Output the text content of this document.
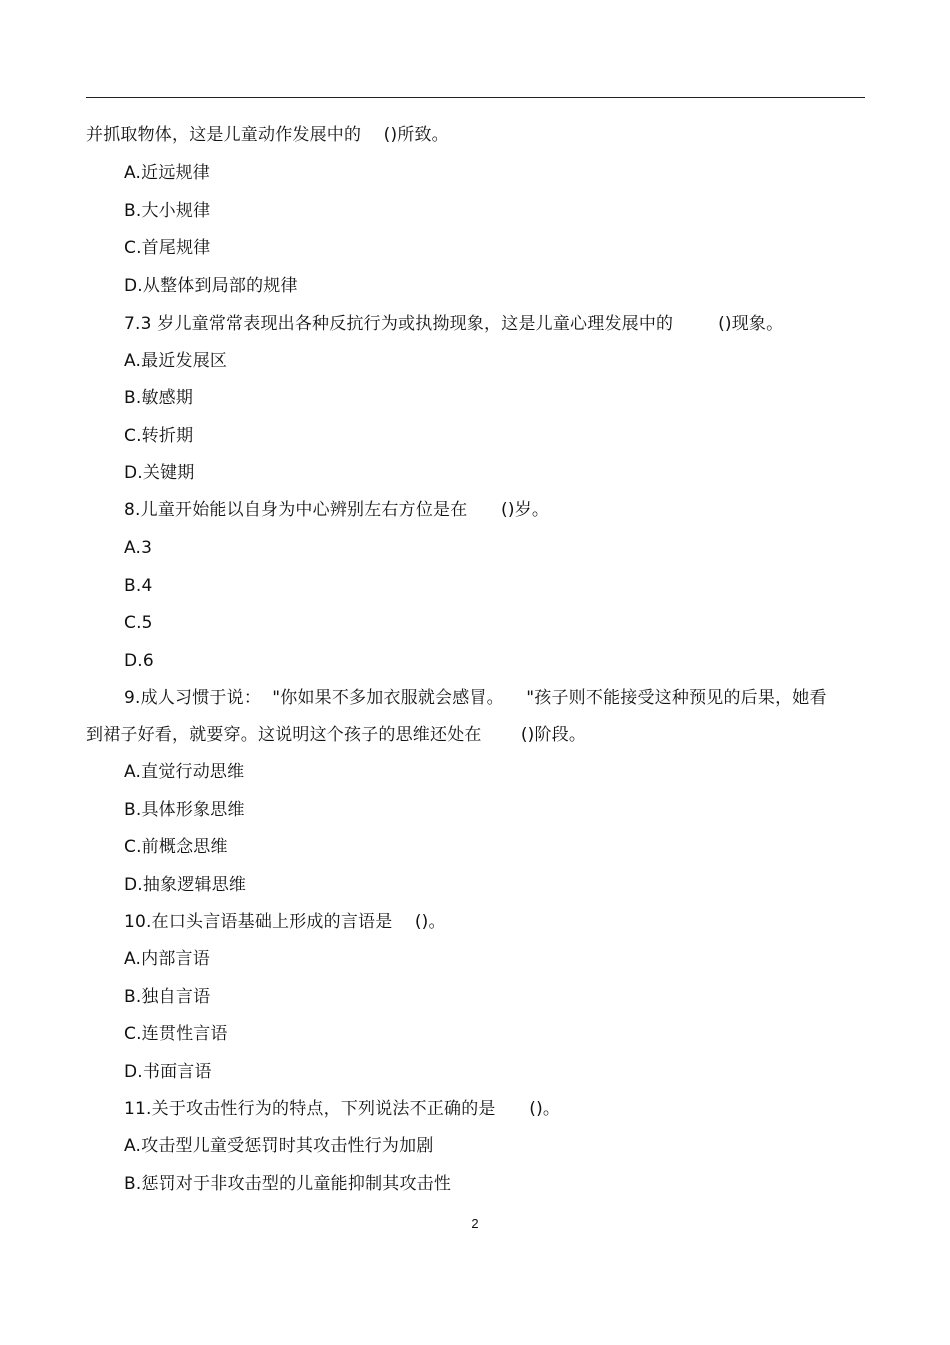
并抓取物体，这是儿童动作发展中的    ()所致。
A.近远规律
B.大小规律
C.首尾规律
D.从整体到局部的规律
7.3 岁儿童常常表现出各种反抗行为或执拗现象，这是儿童心理发展中的        ()现象。
A.最近发展区
B.敏感期
C.转折期
D.关键期
8.儿童开始能以自身为中心辨别左右方位是在      ()岁。
A.3
B.4
C.5
D.6
9.成人习惯于说：  "你如果不多加衣服就会感冒。    "孩子则不能接受这种预见的后果，她看
到裙子好看，就要穿。这说明这个孩子的思维还处在       ()阶段。
A.直觉行动思维
B.具体形象思维
C.前概念思维
D.抽象逻辑思维
10.在口头言语基础上形成的言语是    ()。
A.内部言语
B.独自言语
C.连贯性言语
D.书面言语
11.关于攻击性行为的特点，下列说法不正确的是      ()。
A.攻击型儿童受惩罚时其攻击性行为加剧
B.惩罚对于非攻击型的儿童能抑制其攻击性
2
